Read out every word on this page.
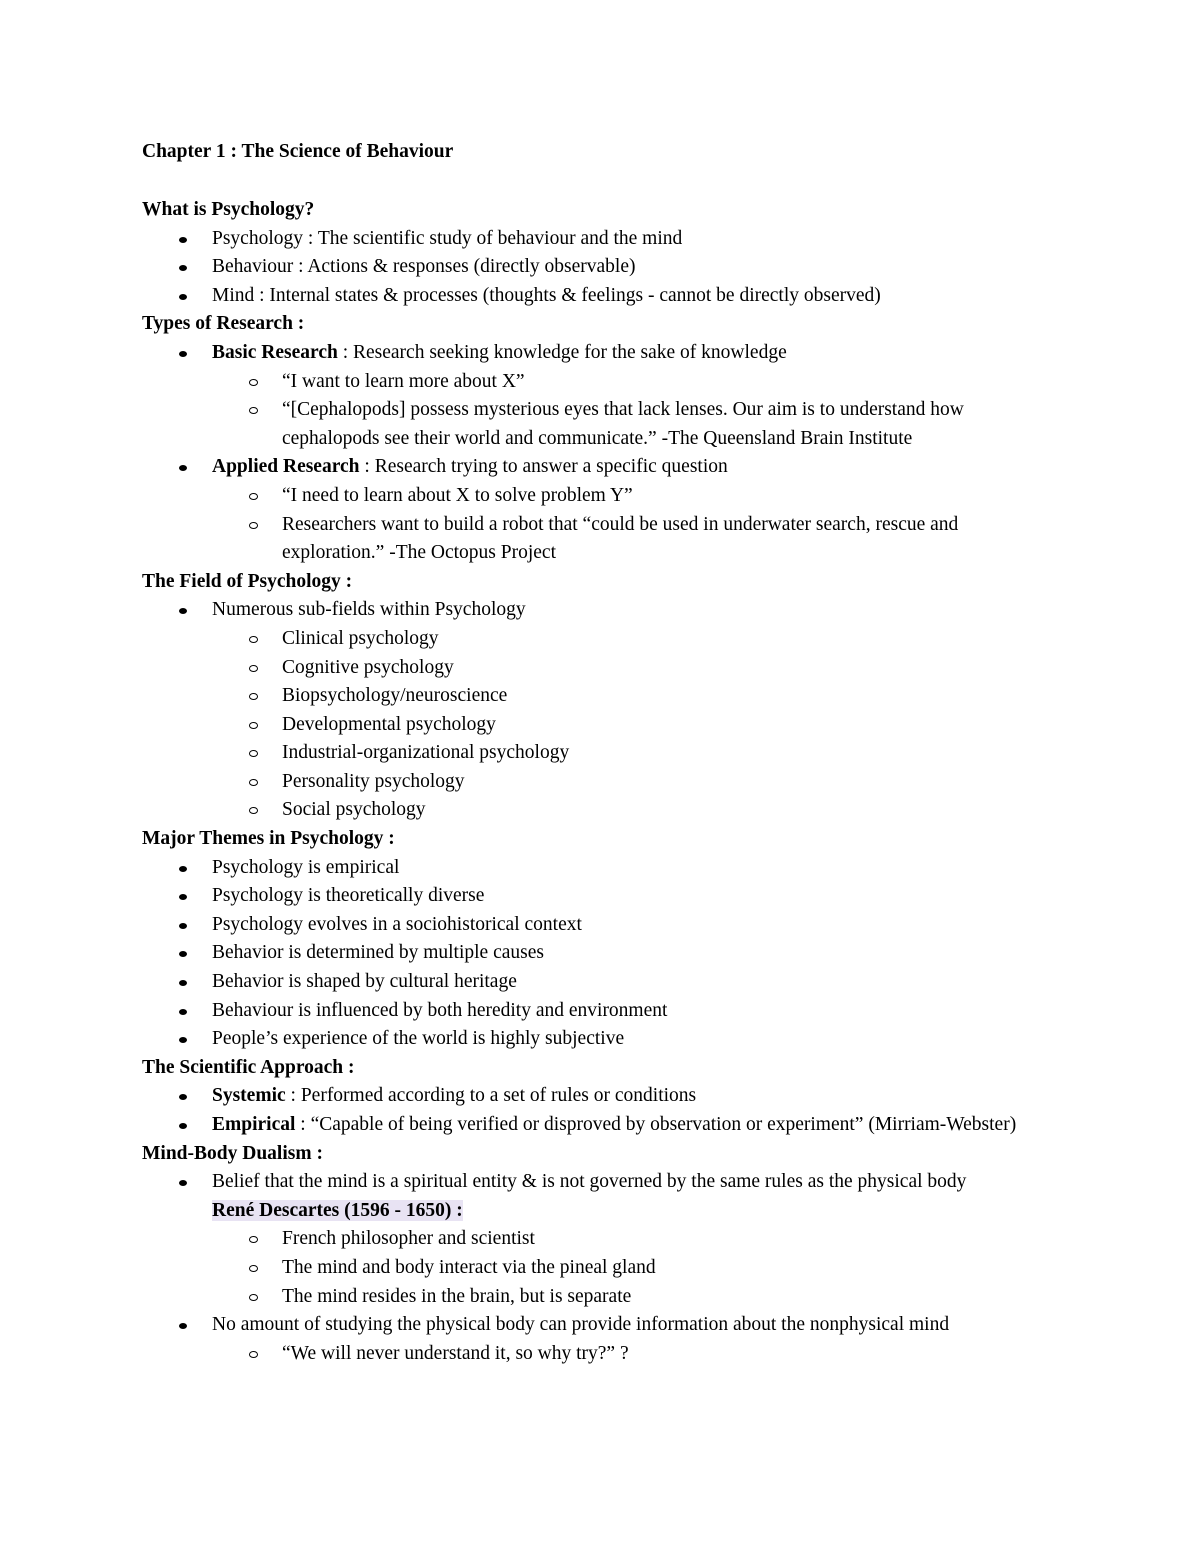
Chapter 1 : The Science of Behaviour
What is Psychology?
Psychology : The scientific study of behaviour and the mind
Behaviour : Actions & responses (directly observable)
Mind : Internal states & processes (thoughts & feelings - cannot be directly observed)
Types of Research :
Basic Research : Research seeking knowledge for the sake of knowledge
“I want to learn more about X”
“[Cephalopods] possess mysterious eyes that lack lenses. Our aim is to understand how cephalopods see their world and communicate.” -The Queensland Brain Institute
Applied Research : Research trying to answer a specific question
“I need to learn about X to solve problem Y”
Researchers want to build a robot that “could be used in underwater search, rescue and exploration.” -The Octopus Project
The Field of Psychology :
Numerous sub-fields within Psychology
Clinical psychology
Cognitive psychology
Biopsychology/neuroscience
Developmental psychology
Industrial-organizational psychology
Personality psychology
Social psychology
Major Themes in Psychology :
Psychology is empirical
Psychology is theoretically diverse
Psychology evolves in a sociohistorical context
Behavior is determined by multiple causes
Behavior is shaped by cultural heritage
Behaviour is influenced by both heredity and environment
People’s experience of the world is highly subjective
The Scientific Approach :
Systemic : Performed according to a set of rules or conditions
Empirical : “Capable of being verified or disproved by observation or experiment” (Mirriam-Webster)
Mind-Body Dualism :
Belief that the mind is a spiritual entity & is not governed by the same rules as the physical body
René Descartes (1596 - 1650) :
French philosopher and scientist
The mind and body interact via the pineal gland
The mind resides in the brain, but is separate
No amount of studying the physical body can provide information about the nonphysical mind
“We will never understand it, so why try?” ?
